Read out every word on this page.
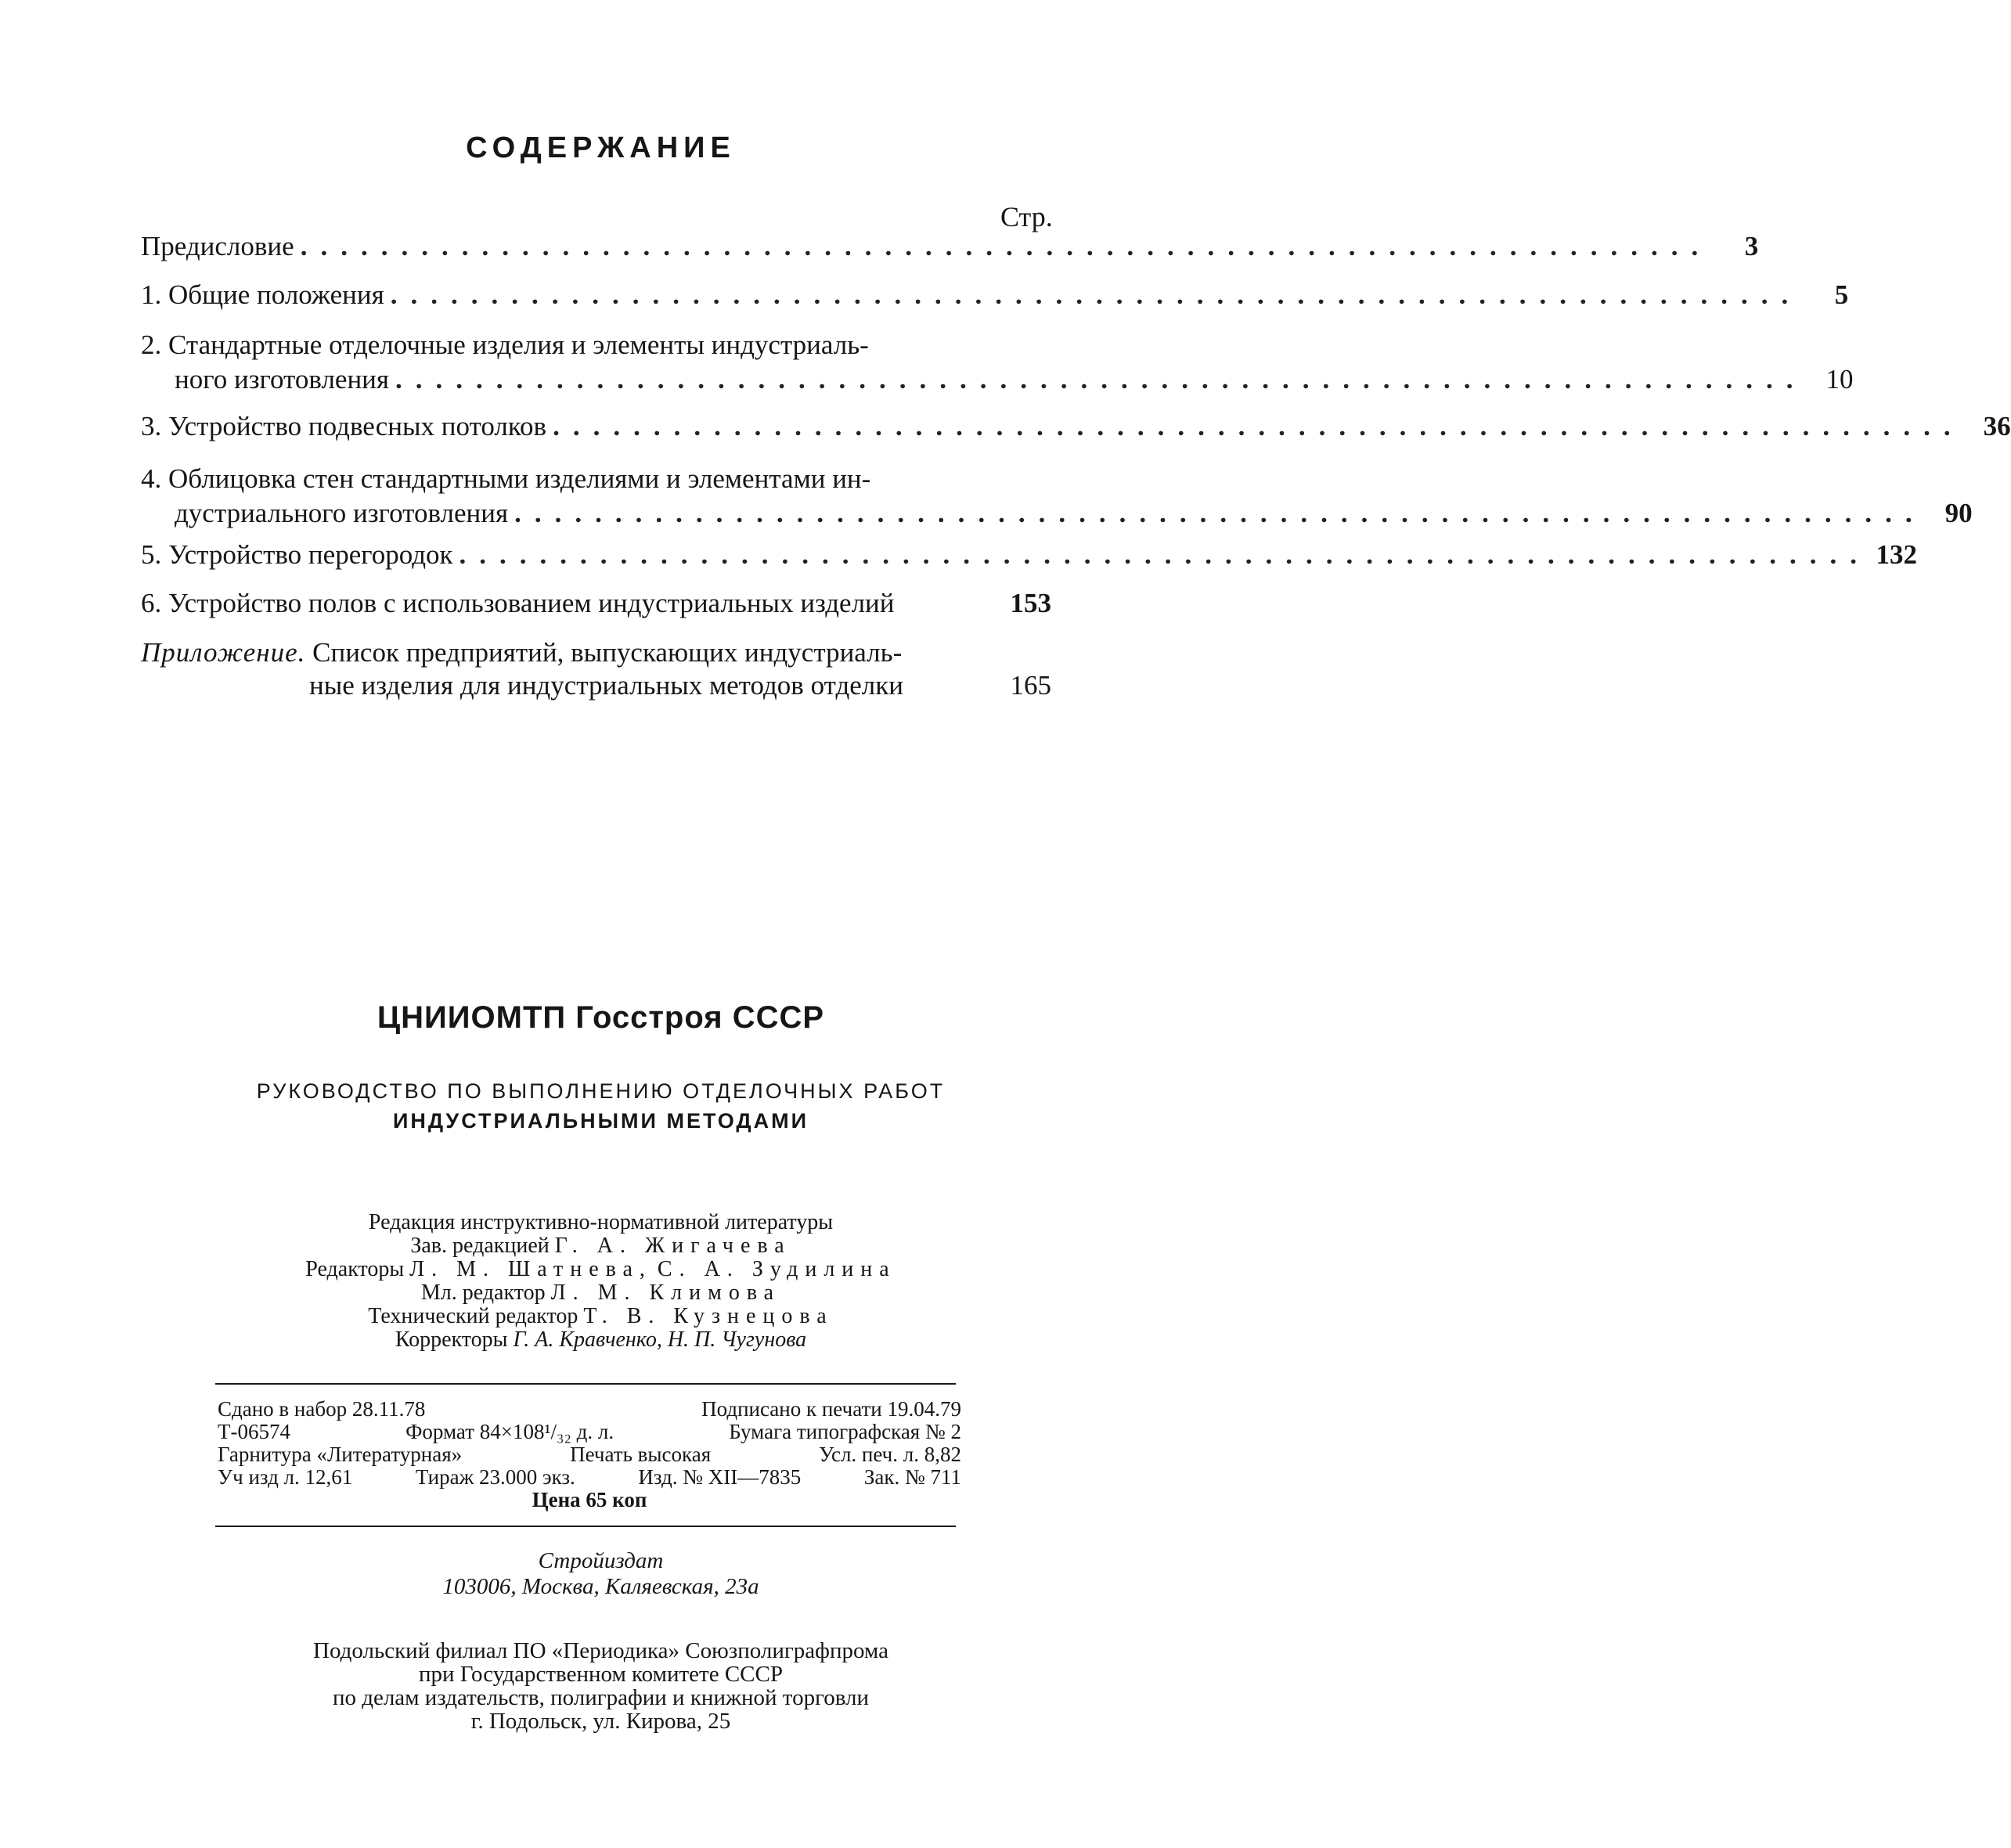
СОДЕРЖАНИЕ
Стр.
Предисловие ......................................................................	3
1. Общие положения ......................................................................	5
2. Стандартные отделочные изделия и элементы индустриаль-
ного изготовления ...................................................................... 10
3. Устройство подвесных потолков ...................................................................... 36
4. Облицовка стен стандартными изделиями и элементами ин-
дустриального изготовления ...................................................................... 90
5. Устройство перегородок ...................................................................... 132
6. Устройство полов с использованием индустриальных изделий	153
Приложение. Список предприятий, выпускающих индустриаль-
ные изделия для индустриальных методов отделки	165
ЦНИИОМТП Госстроя СССР
РУКОВОДСТВО ПО ВЫПОЛНЕНИЮ ОТДЕЛОЧНЫХ РАБОТ
ИНДУСТРИАЛЬНЫМИ МЕТОДАМИ
Редакция инструктивно-нормативной литературы
Зав. редакцией Г. А. Жигачева
Редакторы Л. М. Шатнева, С. А. Зудилина
Мл. редактор Л. М. Климова
Технический редактор Т. В. Кузнецова
Корректоры Г. А. Кравченко, Н. П. Чугунова
Сдано в набор 28.11.78	Подписано к печати 19.04.79
Т-06574	Формат 84×108¹/₃₂ д. л.	Бумага типографская № 2
Гарнитура «Литературная»	Печать высокая	Усл. печ. л. 8,82
Уч изд л. 12,61	Тираж 23.000 экз.	Изд. № XII—7835	Зак. № 711
Цена 65 коп
Стройиздат
103006, Москва, Каляевская, 23а
Подольский филиал ПО «Периодика» Союзполиграфпрома
при Государственном комитете СССР
по делам издательств, полиграфии и книжной торговли
г. Подольск, ул. Кирова, 25
